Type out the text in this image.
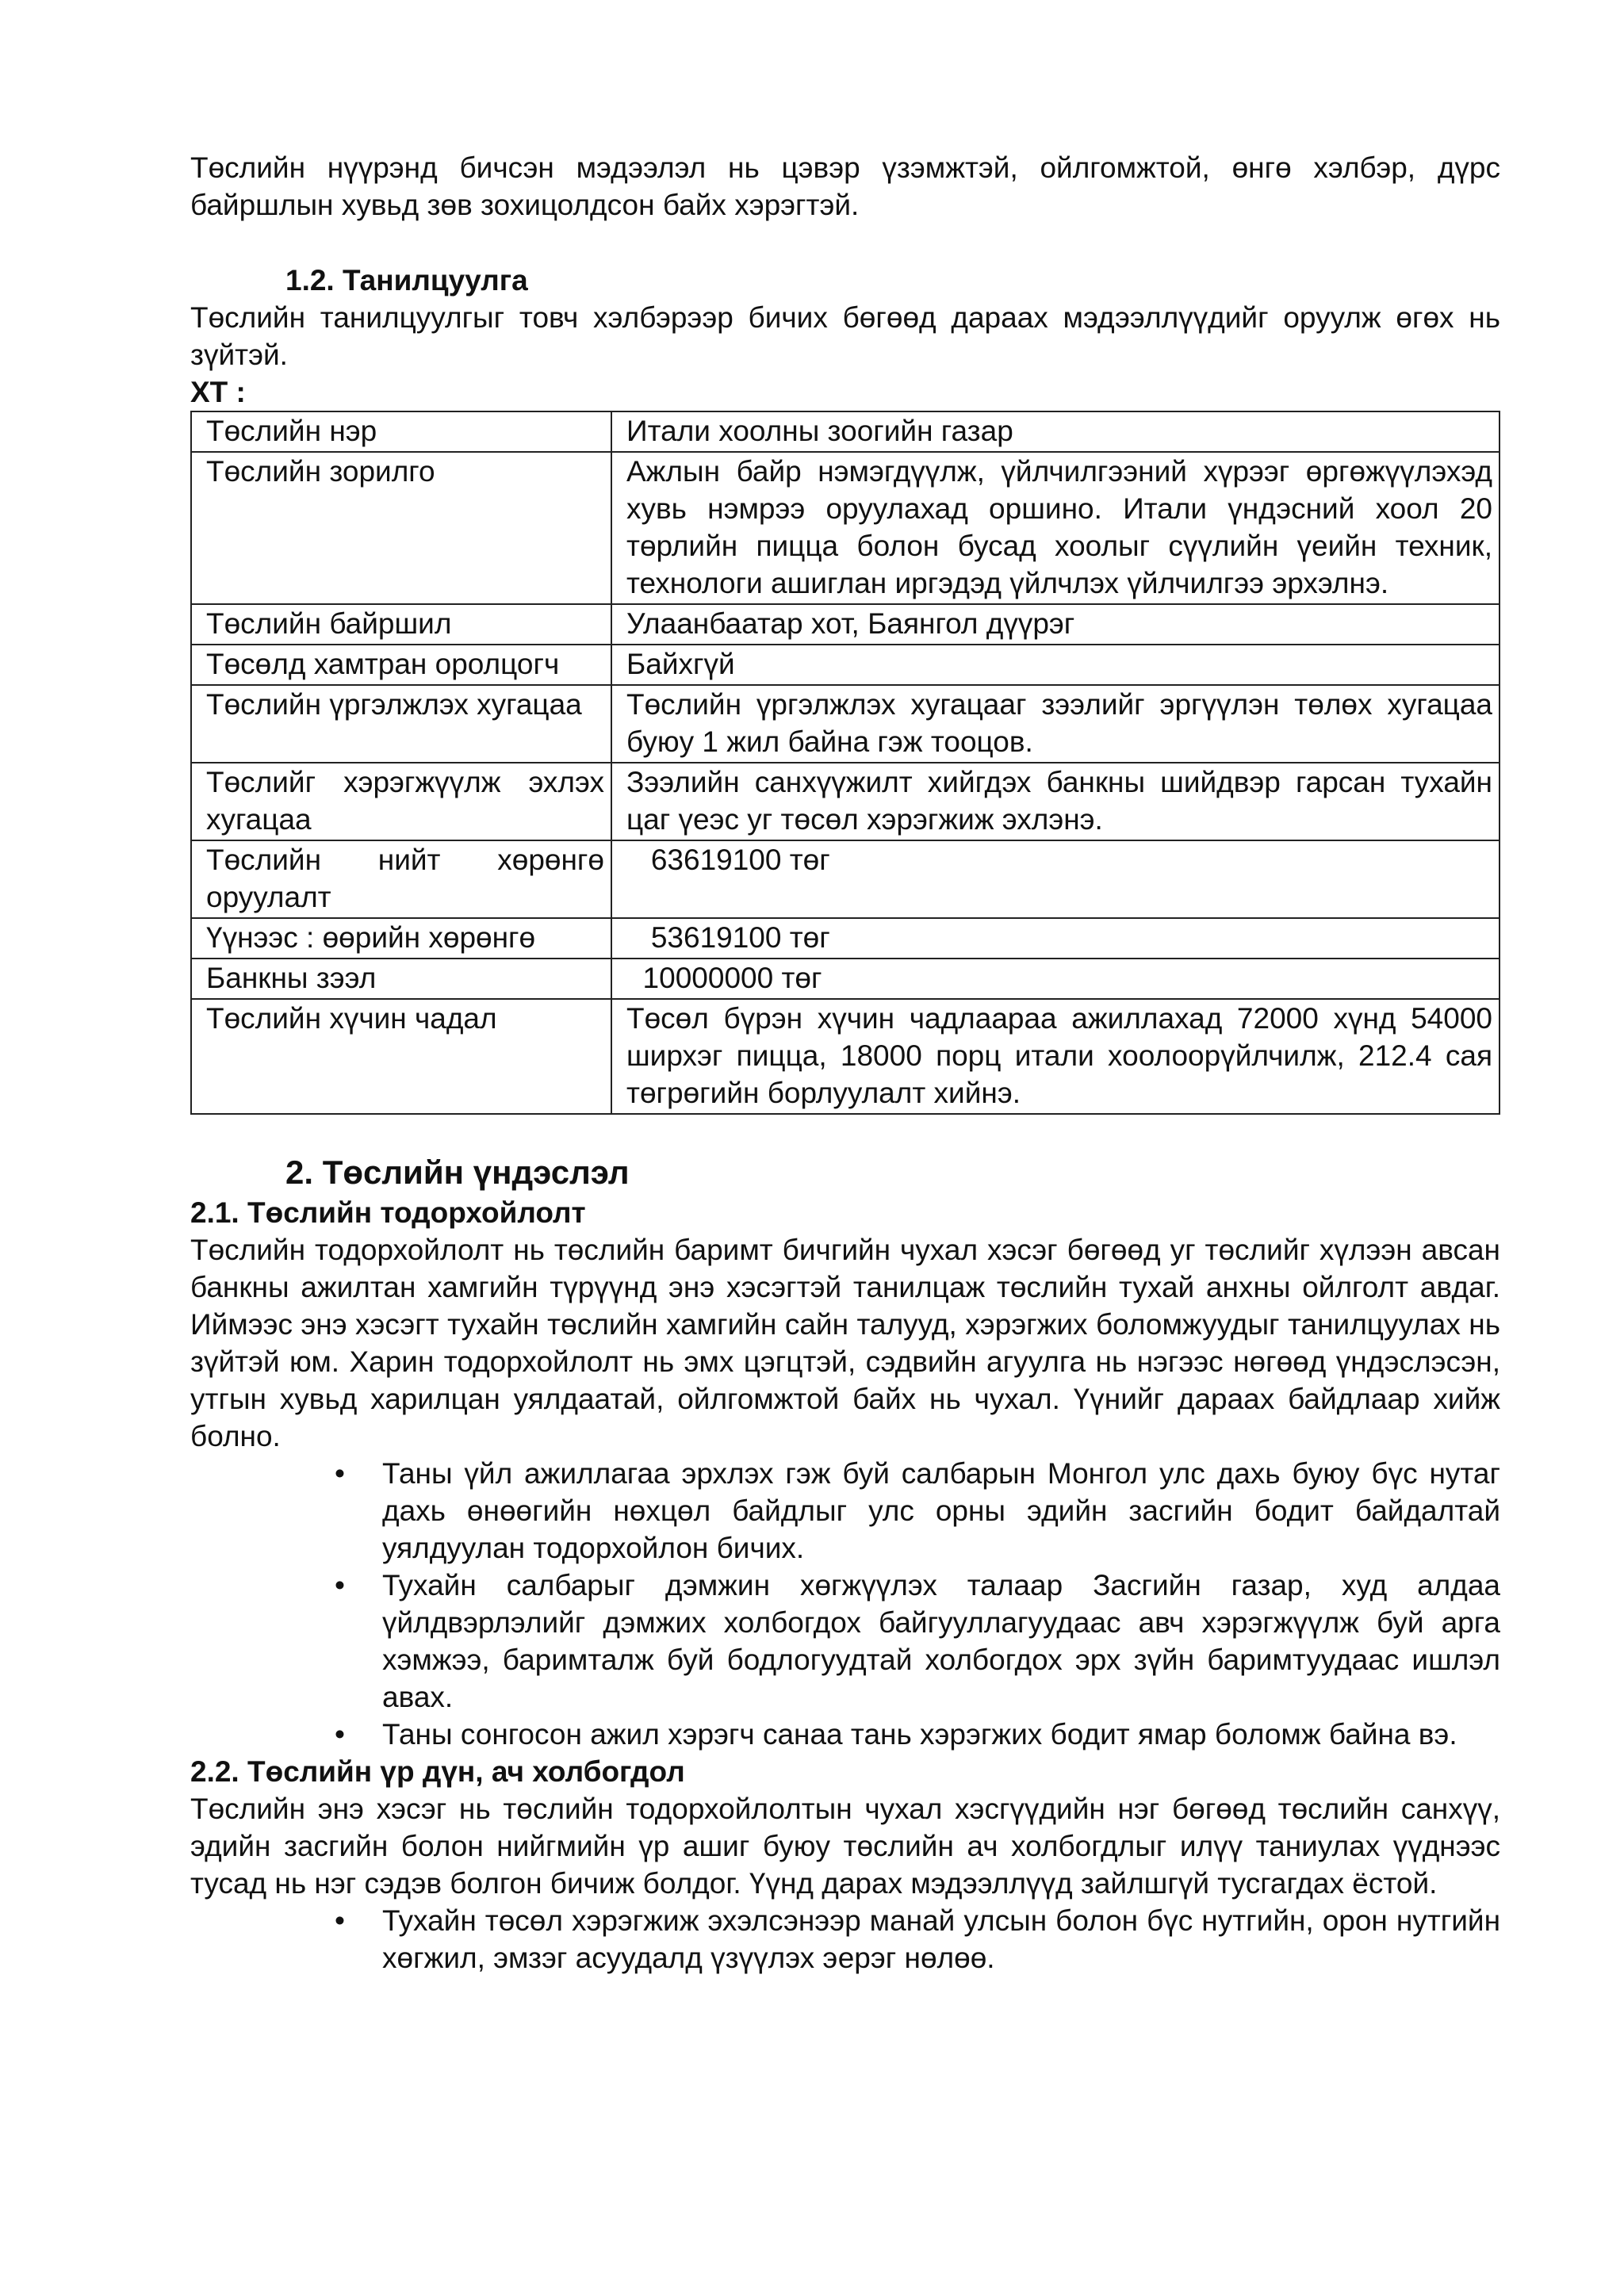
Төслийн нүүрэнд бичсэн мэдээлэл нь цэвэр үзэмжтэй, ойлгомжтой, өнгө хэлбэр, дүрс байршлын хувьд зөв зохицолдсон байх хэрэгтэй.

1.2. Танилцуулга

Төслийн танилцуулгыг товч хэлбэрээр бичих бөгөөд дараах мэдээллүүдийг оруулж өгөх нь зүйтэй.

ХТ :

Төслийн нэр	Итали хоолны зоогийн газар
Төслийн зорилго	Ажлын байр нэмэгдүүлж, үйлчилгээний хүрээг өргөжүүлэхэд хувь нэмрээ оруулахад оршино. Итали үндэсний хоол 20 төрлийн пицца болон бусад хоолыг сүүлийн үеийн техник, технологи ашиглан иргэдэд үйлчлэх үйлчилгээ эрхэлнэ.
Төслийн байршил	Улаанбаатар хот, Баянгол дүүрэг
Төсөлд хамтран оролцогч	Байхгүй
Төслийн үргэлжлэх хугацаа	Төслийн үргэлжлэх хугацааг зээлийг эргүүлэн төлөх хугацаа буюу 1 жил байна гэж тооцов.
Төслийг хэрэгжүүлж эхлэх хугацаа	Зээлийн санхүүжилт хийгдэх банкны шийдвэр гарсан тухайн цаг үеэс уг төсөл хэрэгжиж эхлэнэ.
Төслийн нийт хөрөнгө оруулалт	63619100 төг
Үүнээс : өөрийн хөрөнгө	53619100 төг
Банкны зээл	10000000 төг
Төслийн хүчин чадал	Төсөл бүрэн хүчин чадлаараа ажиллахад 72000 хүнд 54000 ширхэг пицца, 18000 порц итали хоолоорүйлчилж, 212.4 сая төгрөгийн борлуулалт хийнэ.

2. Төслийн үндэслэл

2.1. Төслийн тодорхойлолт

Төслийн тодорхойлолт нь төслийн баримт бичгийн чухал хэсэг бөгөөд уг төслийг хүлээн авсан банкны ажилтан хамгийн түрүүнд энэ хэсэгтэй танилцаж төслийн тухай анхны ойлголт авдаг. Иймээс энэ хэсэгт тухайн төслийн хамгийн сайн талууд, хэрэгжих боломжуудыг танилцуулах нь зүйтэй юм. Харин тодорхойлолт нь эмх цэгцтэй, сэдвийн агуулга нь нэгээс нөгөөд үндэслэсэн, утгын хувьд харилцан уялдаатай, ойлгомжтой байх нь чухал. Үүнийг дараах байдлаар хийж болно.

• Таны үйл ажиллагаа эрхлэх гэж буй салбарын Монгол улс дахь буюу бүс нутаг дахь өнөөгийн нөхцөл байдлыг улс орны эдийн засгийн бодит байдалтай уялдуулан тодорхойлон бичих.
• Тухайн салбарыг дэмжин хөгжүүлэх талаар Засгийн газар, худ алдаа үйлдвэрлэлийг дэмжих холбогдох байгууллагуудаас авч хэрэгжүүлж буй арга хэмжээ, баримталж буй бодлогуудтай холбогдох эрх зүйн баримтуудаас ишлэл авах.
• Таны сонгосон ажил хэрэгч санаа тань хэрэгжих бодит ямар боломж байна вэ.

2.2. Төслийн үр дүн, ач холбогдол

Төслийн энэ хэсэг нь төслийн тодорхойлолтын чухал хэсгүүдийн нэг бөгөөд төслийн санхүү, эдийн засгийн болон нийгмийн үр ашиг буюу төслийн ач холбогдлыг илүү таниулах үүднээс тусад нь нэг сэдэв болгон бичиж болдог. Үүнд дарах мэдээллүүд зайлшгүй тусгагдах ёстой.

• Тухайн төсөл хэрэгжиж эхэлсэнээр манай улсын болон бүс нутгийн, орон нутгийн хөгжил, эмзэг асуудалд үзүүлэх эерэг нөлөө.
